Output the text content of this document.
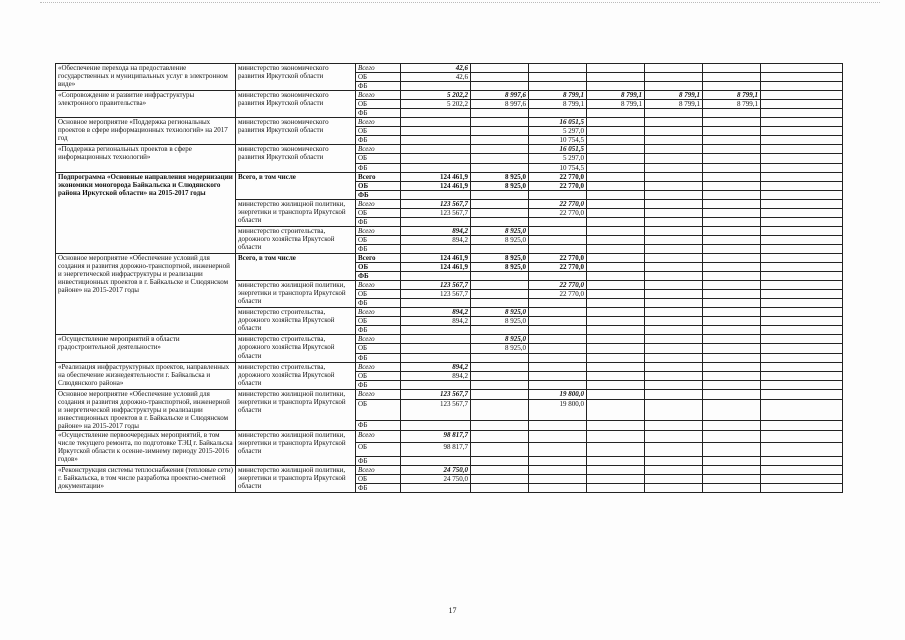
«Обеспечение перехода на предоставление государственных и муниципальных услуг в электронном виде»	министерство экономического развития Иркутской области	Всего	42,6						
		ОБ	42,6						
		ФБ							
«Сопровождение и развитие инфраструктуры электронного правительства»	министерство экономического развития Иркутской области	Всего	5 202,2	8 997,6	8 799,1	8 799,1	8 799,1	8 799,1	
		ОБ	5 202,2	8 997,6	8 799,1	8 799,1	8 799,1	8 799,1	
		ФБ							
Основное мероприятие «Поддержка региональных проектов в сфере информационных технологий» на 2017 год	министерство экономического развития Иркутской области	Всего			16 051,5				
		ОБ			5 297,0				
		ФБ			10 754,5				
«Поддержка региональных проектов в сфере информационных технологий»	министерство экономического развития Иркутской области	Всего			16 051,5				
		ОБ			5 297,0				
		ФБ			10 754,5				
Подпрограмма «Основные направления модернизации экономики моногорода Байкальска и Слюдянского района Иркутской области» на 2015-2017 годы	Всего, в том числе	Всего	124 461,9	8 925,0	22 770,0				
		ОБ	124 461,9	8 925,0	22 770,0				
		ФБ							
	министерство жилищной политики, энергетики и транспорта Иркутской области	Всего	123 567,7		22 770,0				
		ОБ	123 567,7		22 770,0				
		ФБ							
	министерство строительства, дорожного хозяйства Иркутской области	Всего	894,2	8 925,0					
		ОБ	894,2	8 925,0					
		ФБ							
Основное мероприятие «Обеспечение условий для создания и развития дорожно-транспортной, инженерной и энергетической инфраструктуры и реализации инвестиционных проектов в г. Байкальске и Слюдянском районе» на 2015-2017 годы	Всего, в том числе	Всего	124 461,9	8 925,0	22 770,0				
		ОБ	124 461,9	8 925,0	22 770,0				
		ФБ							
	министерство жилищной политики, энергетики и транспорта Иркутской области	Всего	123 567,7		22 770,0				
		ОБ	123 567,7		22 770,0				
		ФБ							
	министерство строительства, дорожного хозяйства Иркутской области	Всего	894,2	8 925,0					
		ОБ	894,2	8 925,0					
		ФБ							
«Осуществление мероприятий в области градостроительной деятельности»	министерство строительства, дорожного хозяйства Иркутской области	Всего		8 925,0					
		ОБ		8 925,0					
		ФБ							
«Реализация инфраструктурных проектов, направленных на обеспечение жизнедеятельности г. Байкальска и Слюдянского района»	министерство строительства, дорожного хозяйства Иркутской области	Всего	894,2						
		ОБ	894,2						
		ФБ							
Основное мероприятие «Обеспечение условий для создания и развития дорожно-транспортной, инженерной и энергетической инфраструктуры и реализации инвестиционных проектов в г. Байкальске и Слюдянском районе» на 2015-2017 годы	министерство жилищной политики, энергетики и транспорта Иркутской области	Всего	123 567,7		19 800,0				
		ОБ	123 567,7		19 800,0				
		ФБ							
«Осуществление первоочередных мероприятий, в том числе текущего ремонта, по подготовке ТЭЦ г. Байкальска Иркутской области к осенне-зимнему периоду 2015-2016 годов»	министерство жилищной политики, энергетики и транспорта Иркутской области	Всего	98 817,7						
		ОБ	98 817,7						
		ФБ							
«Реконструкция системы теплоснабжения (тепловые сети) г. Байкальска, в том числе разработка проектно-сметной документации»	министерство жилищной политики, энергетики и транспорта Иркутской области	Всего	24 750,0						
		ОБ	24 750,0						
		ФБ							
17
